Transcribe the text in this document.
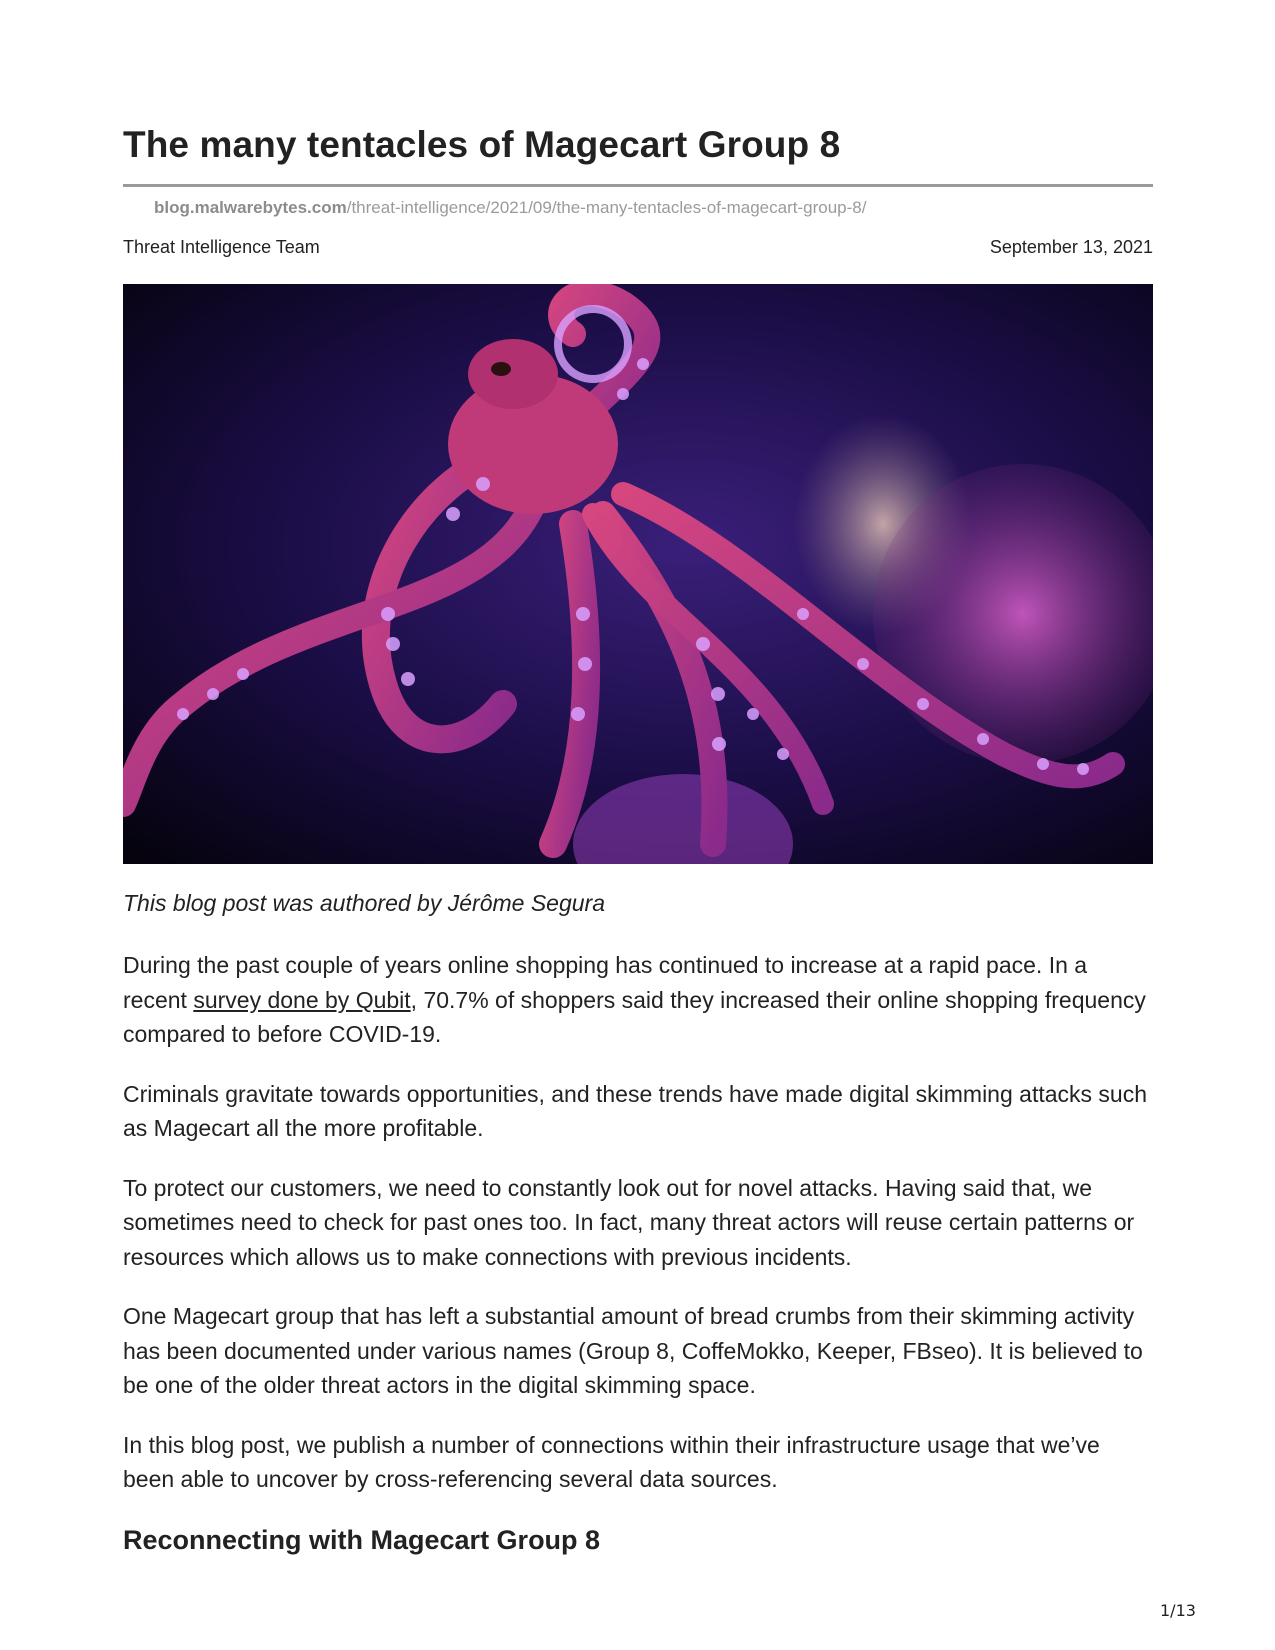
The many tentacles of Magecart Group 8
blog.malwarebytes.com/threat-intelligence/2021/09/the-many-tentacles-of-magecart-group-8/
Threat Intelligence Team	September 13, 2021
This blog post was authored by Jérôme Segura

During the past couple of years online shopping has continued to increase at a rapid pace. In a recent survey done by Qubit, 70.7% of shoppers said they increased their online shopping frequency compared to before COVID-19.

Criminals gravitate towards opportunities, and these trends have made digital skimming attacks such as Magecart all the more profitable.

To protect our customers, we need to constantly look out for novel attacks. Having said that, we sometimes need to check for past ones too. In fact, many threat actors will reuse certain patterns or resources which allows us to make connections with previous incidents.

One Magecart group that has left a substantial amount of bread crumbs from their skimming activity has been documented under various names (Group 8, CoffeMokko, Keeper, FBseo). It is believed to be one of the older threat actors in the digital skimming space.

In this blog post, we publish a number of connections within their infrastructure usage that we’ve been able to uncover by cross-referencing several data sources.

Reconnecting with Magecart Group 8
1/13
